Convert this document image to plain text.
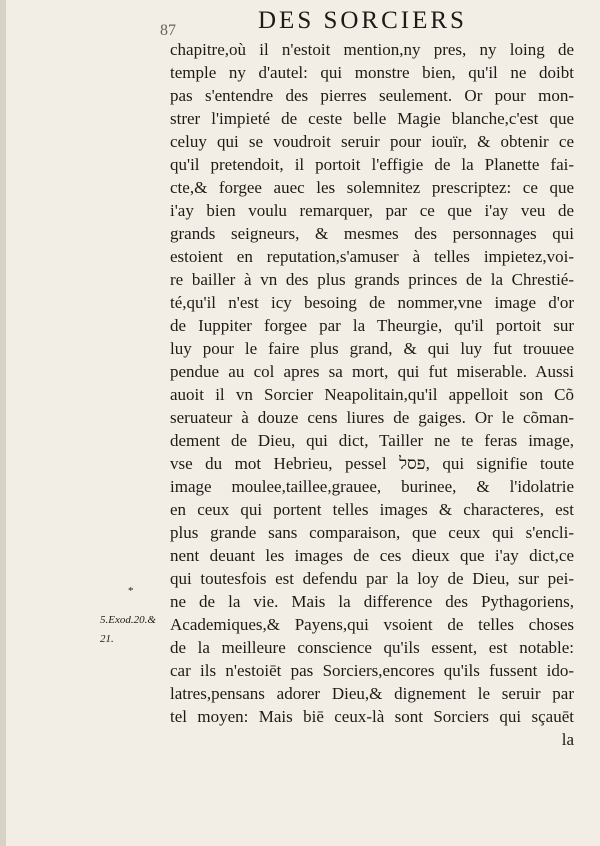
DES SORCIERS
87
*
5.Exod.20.&
21.
chapitre,où il n'estoit mention,ny pres, ny loing de
temple ny d'autel: qui monstre bien, qu'il ne doibt
pas s'entendre des pierres seulement. Or pour mon-
strer l'impieté de ceste belle Magie blanche,c'est que
celuy qui se voudroit seruir pour iouïr, & obtenir ce
qu'il pretendoit, il portoit l'effigie de la Planette fai-
cte,& forgee auec les solemnitez prescriptez: ce que
i'ay bien voulu remarquer, par ce que i'ay veu de
grands seigneurs, & mesmes des personnages qui
estoient en reputation,s'amuser à telles impietez,voi-
re bailler à vn des plus grands princes de la Chrestié-
té,qu'il n'est icy besoing de nommer,vne image d'or
de Iuppiter forgee par la Theurgie, qu'il portoit sur
luy pour le faire plus grand, & qui luy fut trouuee
pendue au col apres sa mort, qui fut miserable. Aussi
auoit il vn Sorcier Neapolitain,qu'il appelloit son Cõ
seruateur à douze cens liures de gaiges. Or le cõman-
dement de Dieu, qui dict, Tailler ne te feras image,
vse du mot Hebrieu, pessel פסל, qui signifie toute
image moulee,taillee,grauee, burinee, & l'idolatrie
en ceux qui portent telles images & characteres, est
plus grande sans comparaison, que ceux qui s'encli-
nent deuant les images de ces dieux que i'ay dict,ce
qui toutesfois est defendu par la loy de Dieu, sur pei-
ne de la vie. Mais la difference des Pythagoriens,
Academiques,& Payens,qui vsoient de telles choses
de la meilleure conscience qu'ils essent, est notable:
car ils n'estoiēt pas Sorciers,encores qu'ils fussent ido-
latres,pensans adorer Dieu,& dignement le seruir par
tel moyen: Mais biē ceux-là sont Sorciers qui sçauēt
la
